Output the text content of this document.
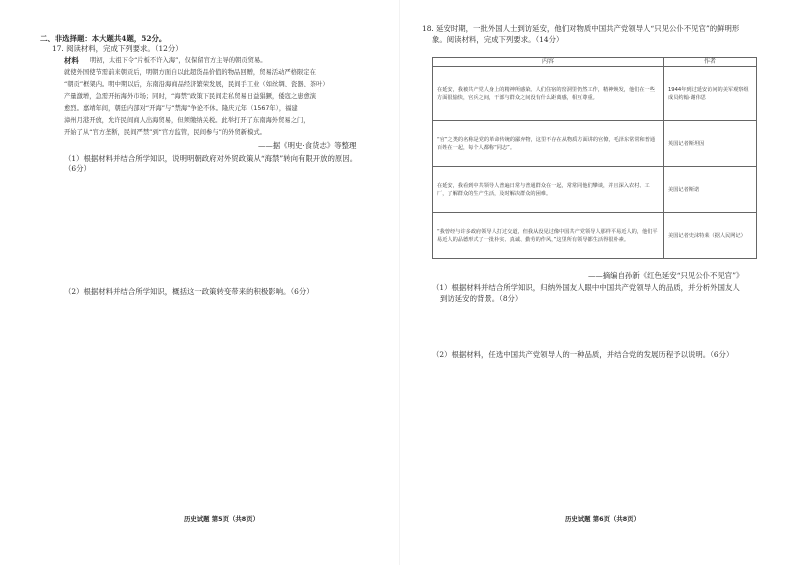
二、非选择题：本大题共4题，52分。
17. 阅读材料，完成下列要求。（12分）
材料 明初，太祖下令“片板不许入海”，仅保留官方主导的朝贡贸易。
就使外国使节需前来朝贡后，明朝方面自以此超货品价值的物品回赠，贸易活动严格限定在
“朝贡”框架内。明中期以后，东南沿海商品经济繁荣发展，民间手工业（如丝绸、瓷器、茶叶）
产量激增，急需开拓海外市场；同时，“海禁”政策下民间走私贸易日益猖獗，倭寇之患愈演
愈烈。嘉靖年间，朝廷内部对“开海”与“禁海”争论不休。隆庆元年（1567年），福建
漳州月港开放，允许民间商人出海贸易，但须缴纳关税。此举打开了东南海外贸易之门，
开始了从“官方垄断，民间严禁”到“官方监管，民间参与”的外贸新模式。
——据《明史·食货志》等整理
（1）根据材料并结合所学知识，说明明朝政府对外贸政策从“海禁”转向有限开放的原因。
（6分）
（2）根据材料并结合所学知识，概括这一政策转变带来的积极影响。（6分）
历史试题 第5页（共8页）
18. 延安时期，一批外国人士到访延安，他们对物质中国共产党领导人“只见公仆不见官”的鲜明形
象。阅读材料，完成下列要求。（14分）
内容	作者
在延安，我被共产党人身上的精神所感染。人们住宿的窑洞里仍然工作，精神焕发，他们在一些方面很愉快，官兵之间，干部与群众之间没有什么距离感，相互尊重。	1944年到过延安访问的美军观察组成员约翰·谢伟思
“官”之类的名称是党的革命传统的鄙弃物，这里不存在从物质方面讲的官僚，毛泽东常常和普通百姓在一起，每个人都称“同志”。	英国记者斯坦因
在延安，我看到中共领导人普遍日常与普通群众在一起，常常同他们攀谈，并且深入农村、工厂，了解群众的生产生活，及时解决群众的困难。	美国记者斯诺
“我曾经与许多政府领导人打过交道，但我从没见过像中国共产党领导人那样平易近人的，他们平易近人的品德形式了一批朴实、真诚、勤劳的作风，”这里所有领导都生活得很朴素。	美国记者史沫特莱（据人民网记）
——摘编自孙新《红色延安“只见公仆不见官”》
（1）根据材料并结合所学知识，归纳外国友人眼中中国共产党领导人的品质，并分析外国友人
到访延安的背景。（8分）
（2）根据材料，任选中国共产党领导人的一种品质，并结合党的发展历程予以说明。（6分）
历史试题 第6页（共8页）
